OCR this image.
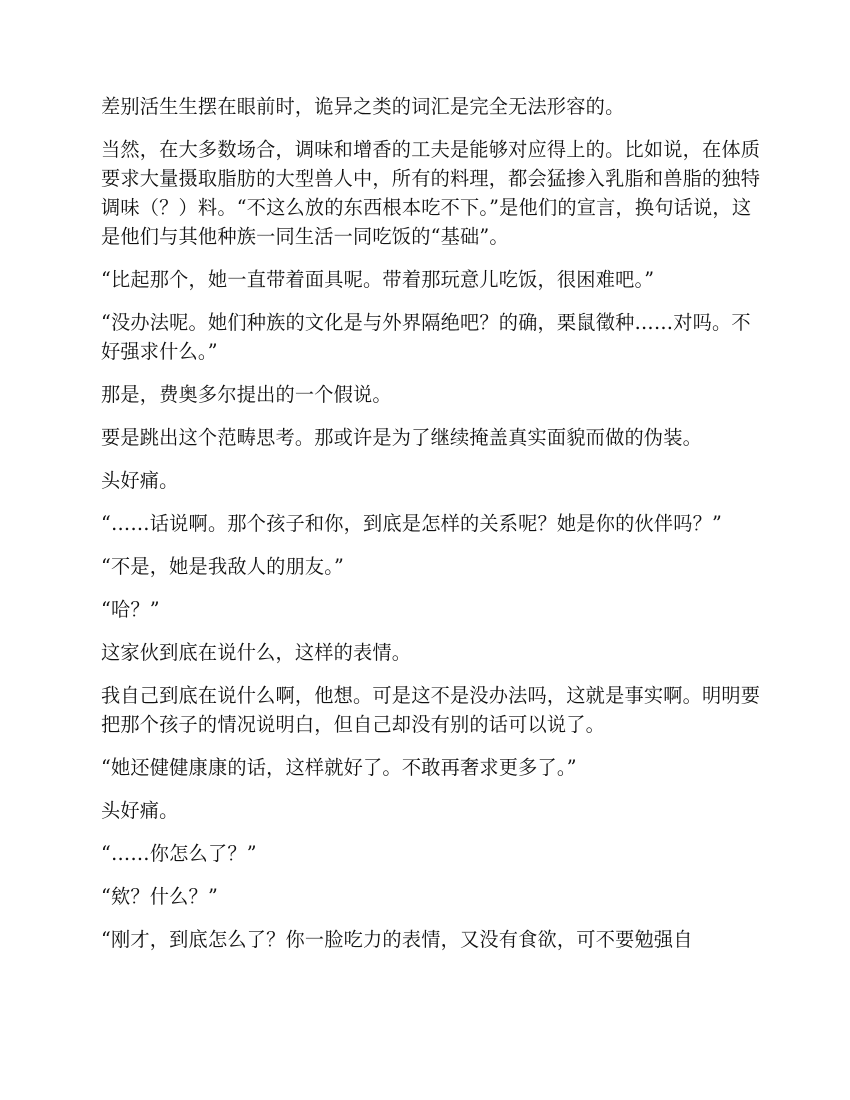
差别活生生摆在眼前时，诡异之类的词汇是完全无法形容的。

当然，在大多数场合，调味和增香的工夫是能够对应得上的。比如说，在体质要求大量摄取脂肪的大型兽人中，所有的料理，都会猛掺入乳脂和兽脂的独特调味（？）料。“不这么放的东西根本吃不下。”是他们的宣言，换句话说，这是他们与其他种族一同生活一同吃饭的“基础”。

“比起那个，她一直带着面具呢。带着那玩意儿吃饭，很困难吧。”

“没办法呢。她们种族的文化是与外界隔绝吧？的确，栗鼠徵种……对吗。不好强求什么。”

那是，费奥多尔提出的一个假说。

要是跳出这个范畴思考。那或许是为了继续掩盖真实面貌而做的伪装。

头好痛。

“……话说啊。那个孩子和你，到底是怎样的关系呢？她是你的伙伴吗？”

“不是，她是我敌人的朋友。”

“哈？”

这家伙到底在说什么，这样的表情。

我自己到底在说什么啊，他想。可是这不是没办法吗，这就是事实啊。明明要把那个孩子的情况说明白，但自己却没有别的话可以说了。

“她还健健康康的话，这样就好了。不敢再奢求更多了。”

头好痛。

“……你怎么了？”

“欸？什么？”

“刚才，到底怎么了？你一脸吃力的表情，又没有食欲，可不要勉强自
